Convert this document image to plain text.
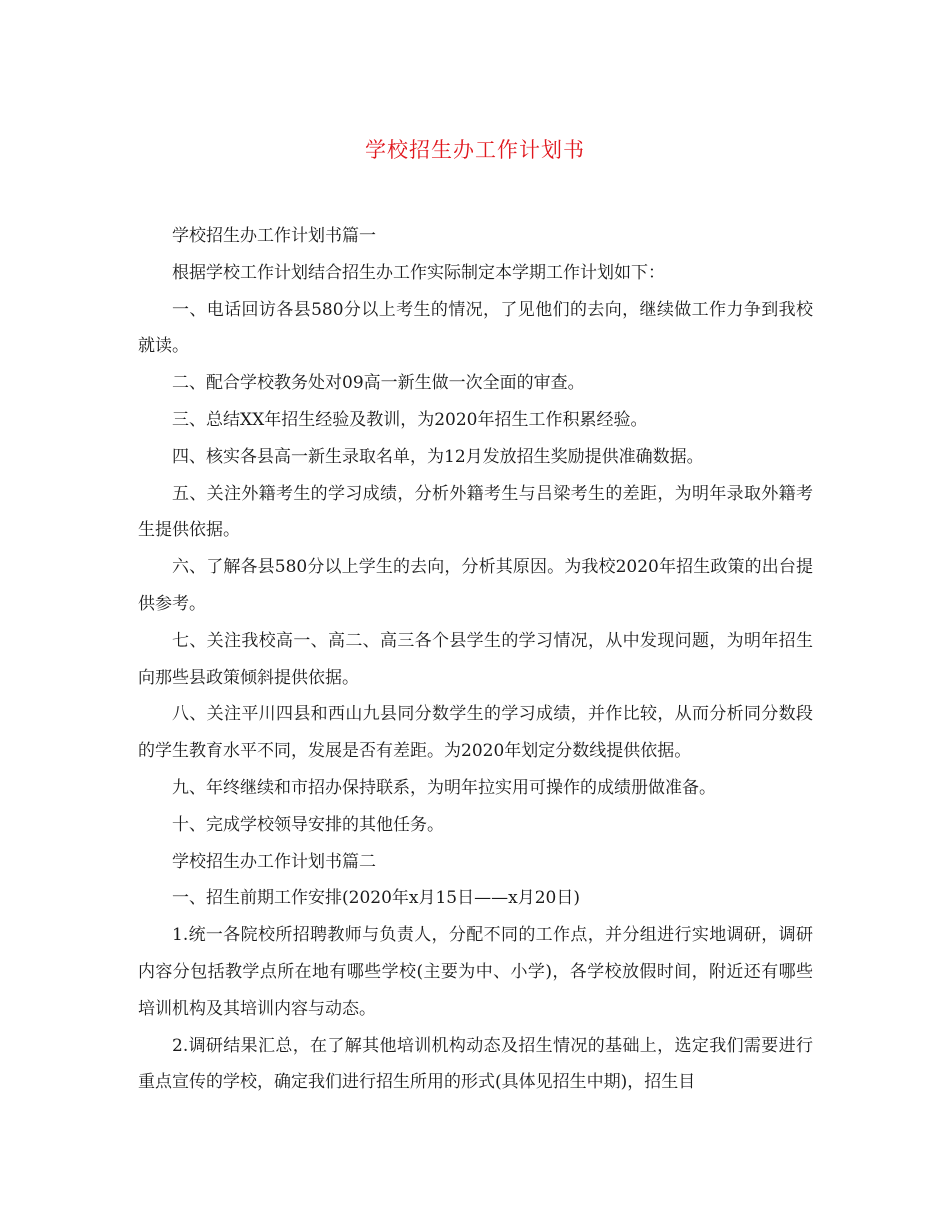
学校招生办工作计划书

学校招生办工作计划书篇一

根据学校工作计划结合招生办工作实际制定本学期工作计划如下：

一、电话回访各县580分以上考生的情况，了见他们的去向，继续做工作力争到我校就读。

二、配合学校教务处对09高一新生做一次全面的审查。

三、总结XX年招生经验及教训，为2020年招生工作积累经验。

四、核实各县高一新生录取名单，为12月发放招生奖励提供准确数据。

五、关注外籍考生的学习成绩，分析外籍考生与吕梁考生的差距，为明年录取外籍考生提供依据。

六、了解各县580分以上学生的去向，分析其原因。为我校2020年招生政策的出台提供参考。

七、关注我校高一、高二、高三各个县学生的学习情况，从中发现问题，为明年招生向那些县政策倾斜提供依据。

八、关注平川四县和西山九县同分数学生的学习成绩，并作比较，从而分析同分数段的学生教育水平不同，发展是否有差距。为2020年划定分数线提供依据。

九、年终继续和市招办保持联系，为明年拉实用可操作的成绩册做准备。

十、完成学校领导安排的其他任务。

学校招生办工作计划书篇二

一、招生前期工作安排(2020年x月15日——x月20日)

1.统一各院校所招聘教师与负责人，分配不同的工作点，并分组进行实地调研，调研内容分包括教学点所在地有哪些学校(主要为中、小学)，各学校放假时间，附近还有哪些培训机构及其培训内容与动态。

2.调研结果汇总，在了解其他培训机构动态及招生情况的基础上，选定我们需要进行重点宣传的学校，确定我们进行招生所用的形式(具体见招生中期)，招生目
